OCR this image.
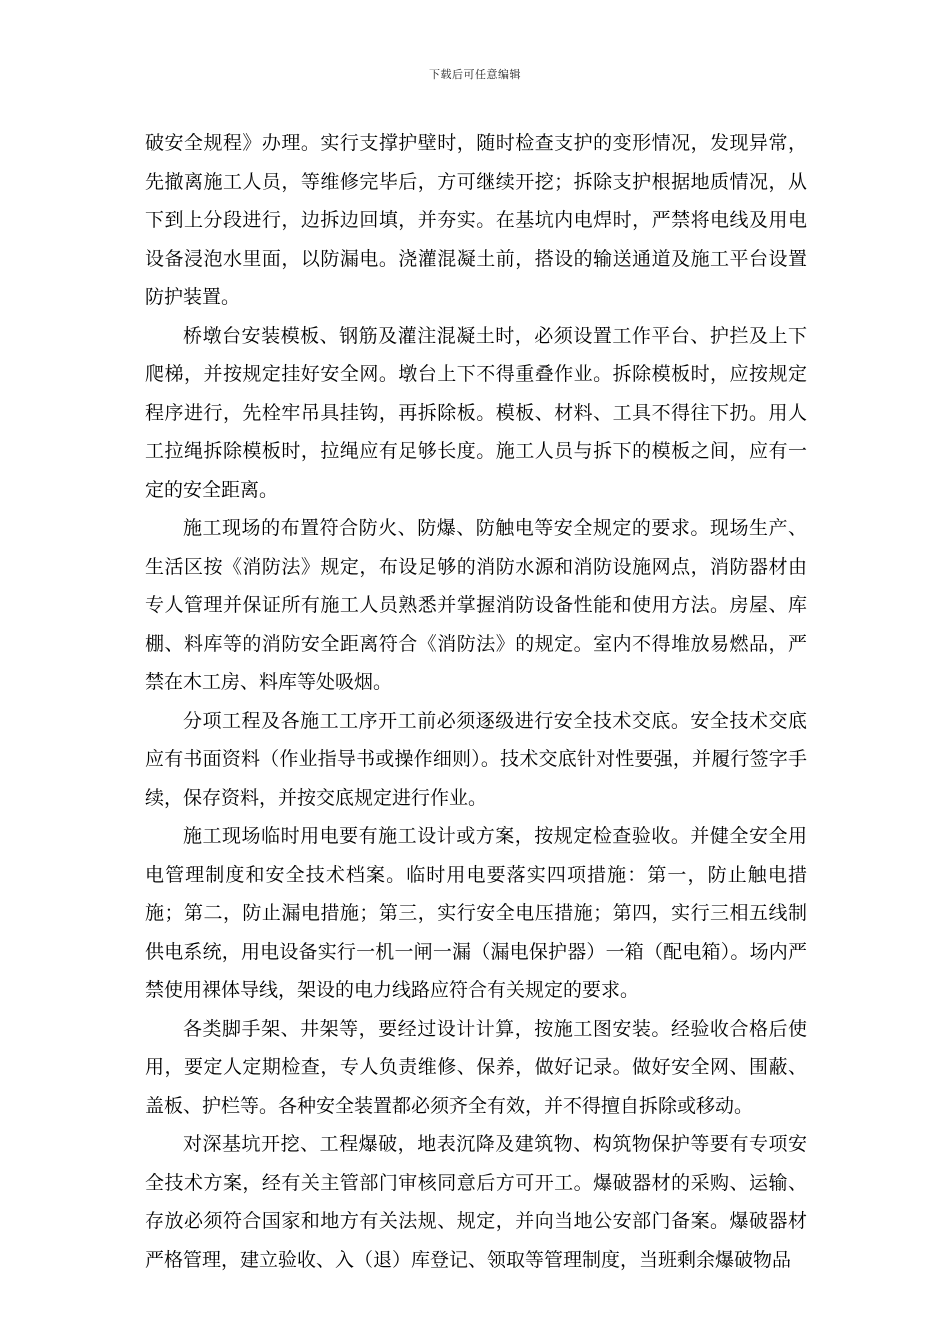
下载后可任意编辑

破安全规程》办理。实行支撑护壁时，随时检查支护的变形情况，发现异常，先撤离施工人员，等维修完毕后，方可继续开挖；拆除支护根据地质情况，从下到上分段进行，边拆边回填，并夯实。在基坑内电焊时，严禁将电线及用电设备浸泡水里面，以防漏电。浇灌混凝土前，搭设的输送通道及施工平台设置防护装置。

桥墩台安装模板、钢筋及灌注混凝土时，必须设置工作平台、护拦及上下爬梯，并按规定挂好安全网。墩台上下不得重叠作业。拆除模板时，应按规定程序进行，先栓牢吊具挂钩，再拆除板。模板、材料、工具不得往下扔。用人工拉绳拆除模板时，拉绳应有足够长度。施工人员与拆下的模板之间，应有一定的安全距离。

施工现场的布置符合防火、防爆、防触电等安全规定的要求。现场生产、生活区按《消防法》规定，布设足够的消防水源和消防设施网点，消防器材由专人管理并保证所有施工人员熟悉并掌握消防设备性能和使用方法。房屋、库棚、料库等的消防安全距离符合《消防法》的规定。室内不得堆放易燃品，严禁在木工房、料库等处吸烟。

分项工程及各施工工序开工前必须逐级进行安全技术交底。安全技术交底应有书面资料（作业指导书或操作细则）。技术交底针对性要强，并履行签字手续，保存资料，并按交底规定进行作业。

施工现场临时用电要有施工设计或方案，按规定检查验收。并健全安全用电管理制度和安全技术档案。临时用电要落实四项措施：第一，防止触电措施；第二，防止漏电措施；第三，实行安全电压措施；第四，实行三相五线制供电系统，用电设备实行一机一闸一漏（漏电保护器）一箱（配电箱）。场内严禁使用裸体导线，架设的电力线路应符合有关规定的要求。

各类脚手架、井架等，要经过设计计算，按施工图安装。经验收合格后使用，要定人定期检查，专人负责维修、保养，做好记录。做好安全网、围蔽、盖板、护栏等。各种安全装置都必须齐全有效，并不得擅自拆除或移动。

对深基坑开挖、工程爆破，地表沉降及建筑物、构筑物保护等要有专项安全技术方案，经有关主管部门审核同意后方可开工。爆破器材的采购、运输、存放必须符合国家和地方有关法规、规定，并向当地公安部门备案。爆破器材严格管理，建立验收、入（退）库登记、领取等管理制度，当班剩余爆破物品
